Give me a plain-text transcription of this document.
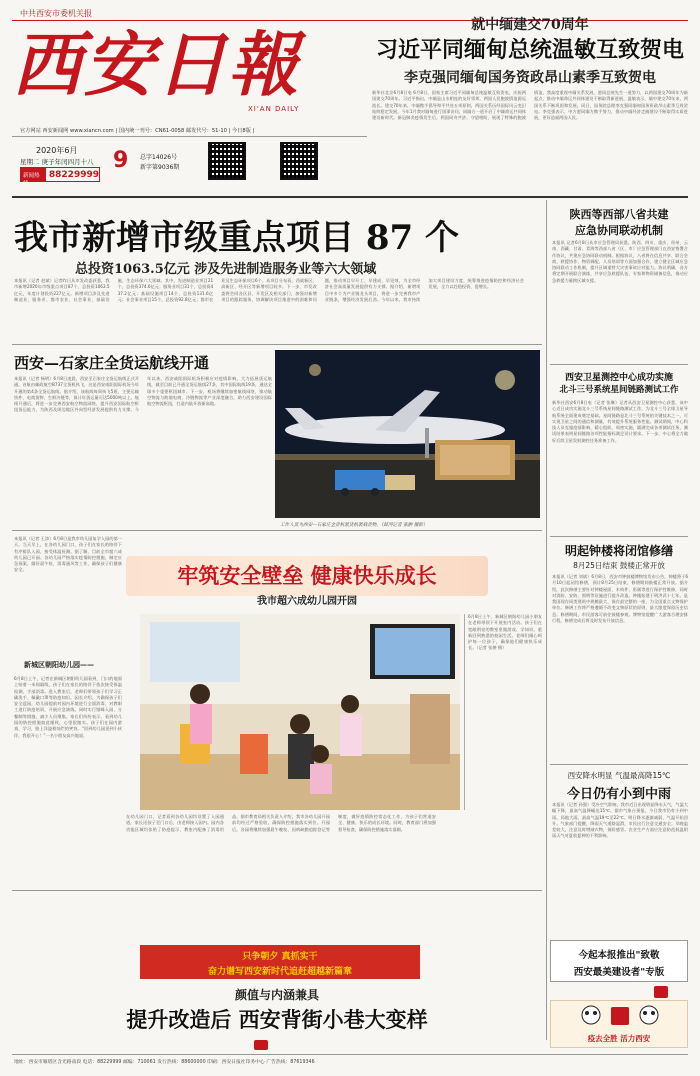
中共西安市委机关报
西安日報
XI'AN DAILY
官方网站 西安新闻网 www.xiancn.com | 国内统一刊号：CN61-0058 邮发代号：51-10 | 今日8版 |
2020年6月
星期二 庚子年闰四月十八
新闻热线
88229999
9 总字14026号
新字第9036期
就中缅建交70周年
习近平同缅甸总统温敏互致贺电
李克强同缅甸国务资政昂山素季互致贺电
新华社北京6月8日电 6月8日，国家主席习近平同缅甸总统温敏互致贺电，庆祝两国建交70周年。习近平指出，中缅是山水相连的友好邻邦，两国人民胞波情谊源远流长。建交70年来，中缅携手倡导和平共处五项原则，两国关系历经国际风云变幻始终稳定发展。今年1月我对缅甸进行国事访问，同缅方一道开启了中缅命运共同体建设新时代。新冠肺炎疫情发生后，两国同舟共济、守望相助，展现了特殊的胞波情谊。我高度重视中缅关系发展，愿同总统先生一道努力，以两国建交70周年为新起点，推动中缅命运共同体建设不断取得新进展。温敏表示，缅中建交70年来，两国关系不断巩固和发展。同日，国务院总理李克强同缅甸国务资政昂山素季互致贺电。李克强表示，中方愿同缅方携手努力，推动中缅经济走廊建设不断取得实质进展，更好造福两国人民。
我市新增市级重点项目 87 个
总投资1063.5亿元 涉及先进制造服务业等六大领域
本报讯（记者 赵斌）记者昨日从市发改委获悉，我市新增2020年市级重点项目87个，总投资1063.5亿元，年度计划投资227亿元。新增项目涉及先进制造业、服务业、都市农业、社会事业、基础设施、生态环保六大领域。其中，先进制造业项目21个，总投资374.6亿元；服务业项目31个，总投资437.2亿元；基础设施项目14个，总投资131.6亿元；社会事业项目15个，总投资92.8亿元；都市农业及生态环保项目6个。从项目分布看，西咸新区、高新区、经开区等新增项目较多。下一步，市发改委将会同各区县、开发区及相关部门，加强对新增项目的跟踪服务，协调解决项目推进中的困难和问题，推动项目早开工、早建成、早见效，为全市经济社会高质量发展提供有力支撑。据介绍，新增项目中多个为产业链龙头项目，将进一步完善我市产业链条，增强经济发展后劲。今年以来，我市持续加大项目建设力度，统筹推进疫情防控和经济社会发展，全力以赴稳投资、促增长。
西安—石家庄全货运航线开通
本报讯（记者 杨明）6月8日凌晨，西安至石家庄全货运航线正式开通。首航由邮政航空B737全货机执飞，这是西安咸阳国际机场今年开通的第4条全货运航线。据介绍，该航线每周执飞5班，主要运输快件、电商货物、生鲜冷链等，预计年货运量可达5000吨以上。航线开通后，将进一步完善西安航空物流网络，提升西安国际航空枢纽货运能力，为陕西及周边地区外向型经济发展提供有力支撑。今年以来，西安咸阳国际机场积极应对疫情影响，大力拓展货运航线，截至目前已开通全货运航线27条，其中国际航线19条，通达全球多个重要枢纽城市。下一步，机场将继续加密航线网络，推动航空物流与跨境电商、冷链物流等产业深度融合，助力西安建设国际航空物流枢纽，打造内陆开放新高地。
工作人员为西安—石家庄全货机装货机装载货物。（薛河记者 张翀 摄影）
本报讯（记者 王涛）6月8日是我市幼儿园复学入园的第一天。当天早上，在各幼儿园门口，孩子们在家长的陪伴下有序排队入园，接受体温检测。据了解，目前全市超六成幼儿园已开园。各幼儿园严格落实疫情防控措施，制定应急预案，做好晨午检、消毒通风等工作，确保孩子们健康安全。
新城区朝阳幼儿园——
6月8日上午，记者在新城区朝阳幼儿园看到，门口的地面上贴着一米间隔线，孩子们在家长的陪伴下依次接受体温检测、手部消毒。进入教室后，老师们带领孩子们学习正确洗手、佩戴口罩等防疫知识。园长介绍，为确保孩子们安全返园，幼儿园提前对园内环境进行全面消毒，对教职工进行防疫培训，开展应急演练。同时实行错峰入园、分餐制等措施，减少人员聚集。家长们纷纷表示，看到幼儿园的防控措施如此细致，心里很踏实。孩子们在园内游戏、学习，脸上洋溢着灿烂的笑容。“回到幼儿园见到小伙伴，我很开心！”一名小朋友高兴地说。
牢筑安全壁垒 健康快乐成长
我市超六成幼儿园开园
6月8日上午，新城区朝阳幼儿园小朋友在老师带领下开展室内活动。孩子们在宽敞明亮的教室里做游戏、学知识，重新回到熟悉的校园生活。老师们细心呵护每一位孩子，确保他们健康快乐成长。（记者 张翀 摄）
在幼儿园门口，记者看到各幼儿园均设置了入园通道，家长送孩子至门口后，由老师接入园内。园内各功能区域均张贴了防疫提示，教室内配备了消毒用品。据市教育局相关负责人介绍，我市各幼儿园开园前均经过严格验收，确保防控措施落实到位。开园后，各园将继续加强晨午晚检、因病缺勤追踪登记等制度，做好疫情防控常态化工作，为孩子们营造安全、健康、快乐的成长环境。同时，教育部门将加强督导检查，确保防控措施落实落细。
陕西等西部八省共建
应急协同联动机制
本报讯 记者6月8日从市应急管理局获悉，陕西、四川、重庆、贵州、云南、西藏、甘肃、青海等西部八省（区、市）应急管理部门在西安签署合作协议，共建应急协同联动机制。根据协议，八省将在信息共享、联合会商、救援协作、物资调配、人员培训等方面加强合作，建立健全区域应急协同联动工作机制，提升区域重特大灾害事故应对能力。协议明确，各方将定期开展联合演练，共享应急救援队伍、专家和物资储备信息，推动应急救援力量跨区域支援。
西安卫星测控中心成功实施
北斗三号系统星间链路测试工作
新华社西安6月8日电（记者 张琳）记者从西安卫星测控中心获悉，该中心近日成功实施北斗三号系统星间链路测试工作，为北斗三号全球卫星导航系统全面建成奠定基础。星间链路是北斗三号系统的关键技术之一，可实现卫星之间的通信和测量，有效提升系统服务性能。测试期间，中心科技人员克服疫情影响，精心组织、周密实施，圆满完成各项测试任务，测试结果表明星间链路各项性能指标满足设计要求。下一步，中心将全力做好后续卫星发射测控任务准备工作。
明起钟楼将闭馆修缮
8月25日结束 鼓楼正常开放
本报讯（记者 刘斌）6月8日，西安市钟鼓楼博物馆发布公告，钟楼将于6月10日起闭馆修缮，预计8月25日结束，修缮期间鼓楼正常开放。据介绍，此次修缮主要针对钟楼屋面、木构件、彩画等进行保护性维修，同时对消防、安防、照明等设施进行提升改造。钟楼始建于明洪武十七年，是我国现存同类建筑中规模最大、保存最完整的一座，为全国重点文物保护单位。修缮工作将严格遵循不改变文物原状的原则，最大限度保留历史信息。修缮期间，市民游客可前往鼓楼参观。博物馆提醒广大游客合理安排行程，修缮完成后将及时发布开放信息。
西安降水明显 气温最高降15℃
今日仍有小到中雨
本报讯（记者 孙强）受冷空气影响，我市近日出现明显降水天气，气温大幅下降，最高气温降幅达15℃。据市气象台预报，今日我市仍有小到中雨，局地大雨，最高气温19℃至22℃。明日降水逐渐减弱，气温开始回升。气象部门提醒，降雨天气道路湿滑，市民出行注意交通安全；早晚温差较大，注意及时增减衣物，预防感冒。农业生产方面应注意防范低温阴雨天气对夏收夏种的不利影响。
今起本报推出"致敬
西安最美建设者"专版
疫去全胜 活力西安
只争朝夕 真抓实干
奋力谱写西安新时代追赶超越新篇章
颜值与内涵兼具
提升改造后 西安背街小巷大变样
地址：西安市雁塔区含光路南段 电话：88229999 邮编：710061 发行热线：88600000 印刷：西安日报社印务中心 广告热线：87619346
